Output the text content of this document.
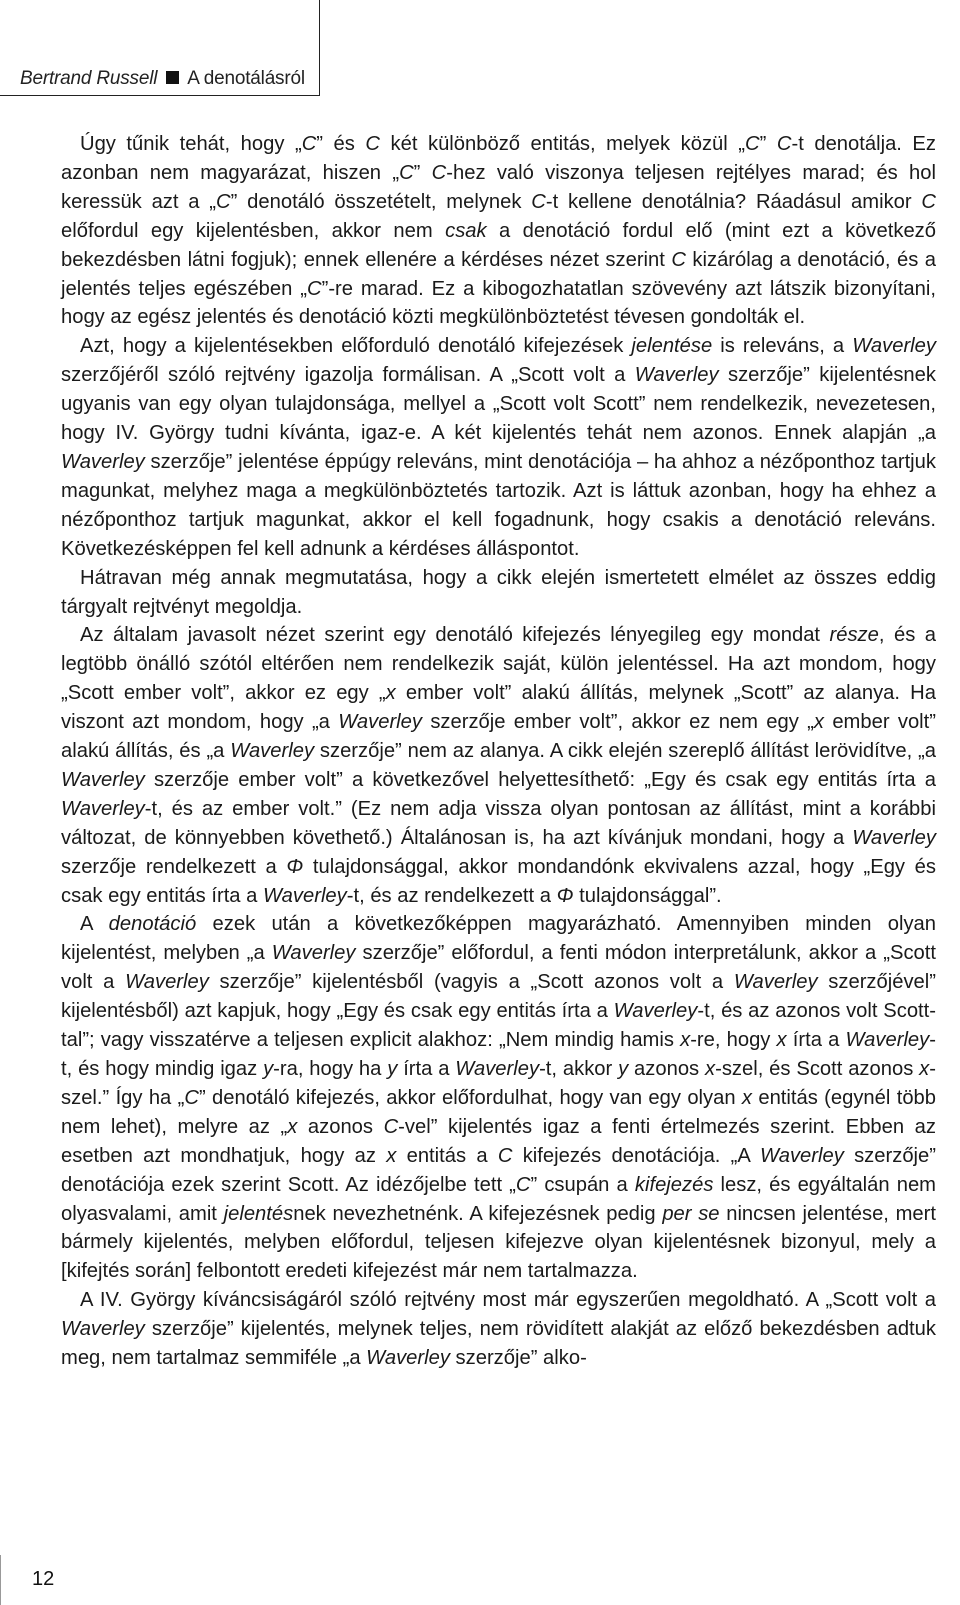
Bertrand Russell A denotálásról

Úgy tűnik tehát, hogy „C” és C két különböző entitás, melyek közül „C” C-t denotálja. Ez azonban nem magyarázat, hiszen „C” C-hez való viszonya teljesen rejtélyes marad; és hol keressük azt a „C” denotáló összetételt, melynek C-t kellene denotálnia? Ráadásul amikor C előfordul egy kijelentésben, akkor nem csak a denotáció fordul elő (mint ezt a következő bekezdésben látni fogjuk); ennek ellenére a kérdéses nézet szerint C kizárólag a denotáció, és a jelentés teljes egészében „C”-re marad. Ez a kibogozhatatlan szövevény azt látszik bizonyítani, hogy az egész jelentés és denotáció közti megkülönböztetést tévesen gondolták el.

Azt, hogy a kijelentésekben előforduló denotáló kifejezések jelentése is releváns, a Waverley szerzőjéről szóló rejtvény igazolja formálisan. A „Scott volt a Waverley szerzője” kijelentésnek ugyanis van egy olyan tulajdonsága, mellyel a „Scott volt Scott” nem rendelkezik, nevezetesen, hogy IV. György tudni kívánta, igaz-e. A két kijelentés tehát nem azonos. Ennek alapján „a Waverley szerzője” jelentése éppúgy releváns, mint denotációja – ha ahhoz a nézőponthoz tartjuk magunkat, melyhez maga a megkülönböztetés tartozik. Azt is láttuk azonban, hogy ha ehhez a nézőponthoz tartjuk magunkat, akkor el kell fogadnunk, hogy csakis a denotáció releváns. Következésképpen fel kell adnunk a kérdéses álláspontot.

Hátravan még annak megmutatása, hogy a cikk elején ismertetett elmélet az összes eddig tárgyalt rejtvényt megoldja.

Az általam javasolt nézet szerint egy denotáló kifejezés lényegileg egy mondat része, és a legtöbb önálló szótól eltérően nem rendelkezik saját, külön jelentéssel. Ha azt mondom, hogy „Scott ember volt”, akkor ez egy „x ember volt” alakú állítás, melynek „Scott” az alanya. Ha viszont azt mondom, hogy „a Waverley szerzője ember volt”, akkor ez nem egy „x ember volt” alakú állítás, és „a Waverley szerzője” nem az alanya. A cikk elején szereplő állítást lerövidítve, „a Waverley szerzője ember volt” a következővel helyettesíthető: „Egy és csak egy entitás írta a Waverley-t, és az ember volt.” (Ez nem adja vissza olyan pontosan az állítást, mint a korábbi változat, de könnyebben követhető.) Általánosan is, ha azt kívánjuk mondani, hogy a Waverley szerzője rendelkezett a Φ tulajdonsággal, akkor mondandónk ekvivalens azzal, hogy „Egy és csak egy entitás írta a Waverley-t, és az rendelkezett a Φ tulajdonsággal”.

A denotáció ezek után a következőképpen magyarázható. Amennyiben minden olyan kijelentést, melyben „a Waverley szerzője” előfordul, a fenti módon interpretálunk, akkor a „Scott volt a Waverley szerzője” kijelentésből (vagyis a „Scott azonos volt a Waverley szerzőjével” kijelentésből) azt kapjuk, hogy „Egy és csak egy entitás írta a Waverley-t, és az azonos volt Scott-tal”; vagy visszatérve a teljesen explicit alakhoz: „Nem mindig hamis x-re, hogy x írta a Waverley-t, és hogy mindig igaz y-ra, hogy ha y írta a Waverley-t, akkor y azonos x-szel, és Scott azonos x-szel.” Így ha „C” denotáló kifejezés, akkor előfordulhat, hogy van egy olyan x entitás (egynél több nem lehet), melyre az „x azonos C-vel” kijelentés igaz a fenti értelmezés szerint. Ebben az esetben azt mondhatjuk, hogy az x entitás a C kifejezés denotációja. „A Waverley szerzője” denotációja ezek szerint Scott. Az idézőjelbe tett „C” csupán a kifejezés lesz, és egyáltalán nem olyasvalami, amit jelentésnek nevezhetnénk. A kifejezésnek pedig per se nincsen jelentése, mert bármely kijelentés, melyben előfordul, teljesen kifejezve olyan kijelentésnek bizonyul, mely a [kifejtés során] felbontott eredeti kifejezést már nem tartalmazza.

A IV. György kíváncsiságáról szóló rejtvény most már egyszerűen megoldható. A „Scott volt a Waverley szerzője” kijelentés, melynek teljes, nem rövidített alakját az előző bekezdésben adtuk meg, nem tartalmaz semmiféle „a Waverley szerzője” alko-

12
